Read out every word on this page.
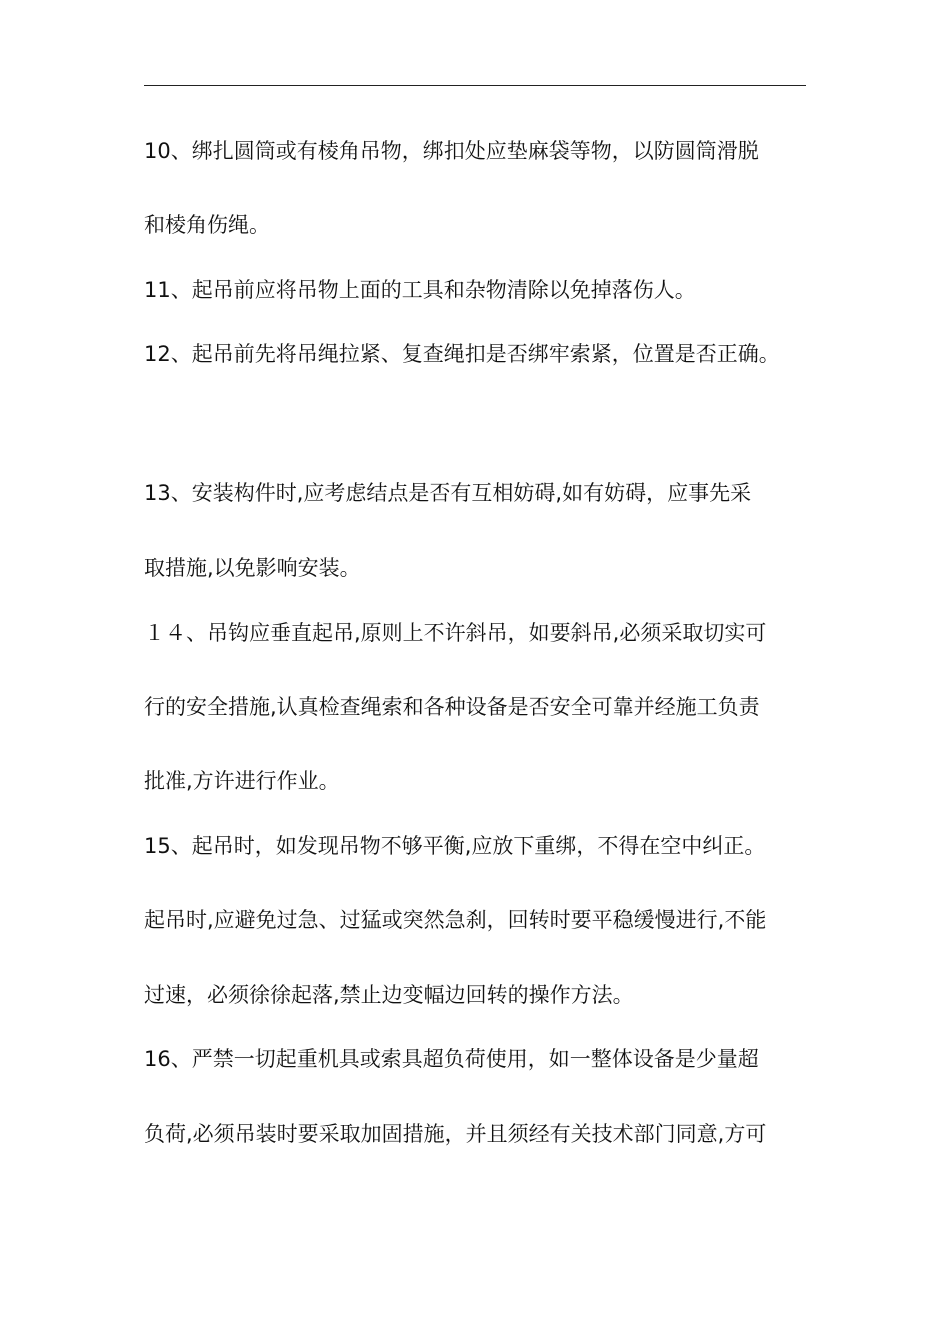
10、绑扎圆筒或有棱角吊物，绑扣处应垫麻袋等物，以防圆筒滑脱
和棱角伤绳。
11、起吊前应将吊物上面的工具和杂物清除以免掉落伤人。
12、起吊前先将吊绳拉紧、复查绳扣是否绑牢索紧，位置是否正确。
13、安装构件时,应考虑结点是否有互相妨碍,如有妨碍，应事先采
取措施,以免影响安装。
１４、吊钩应垂直起吊,原则上不许斜吊，如要斜吊,必须采取切实可
行的安全措施,认真检查绳索和各种设备是否安全可靠并经施工负责
批准,方许进行作业。
15、起吊时，如发现吊物不够平衡,应放下重绑，不得在空中纠正。
起吊时,应避免过急、过猛或突然急刹，回转时要平稳缓慢进行,不能
过速，必须徐徐起落,禁止边变幅边回转的操作方法。
16、严禁一切起重机具或索具超负荷使用，如一整体设备是少量超
负荷,必须吊装时要采取加固措施，并且须经有关技术部门同意,方可
